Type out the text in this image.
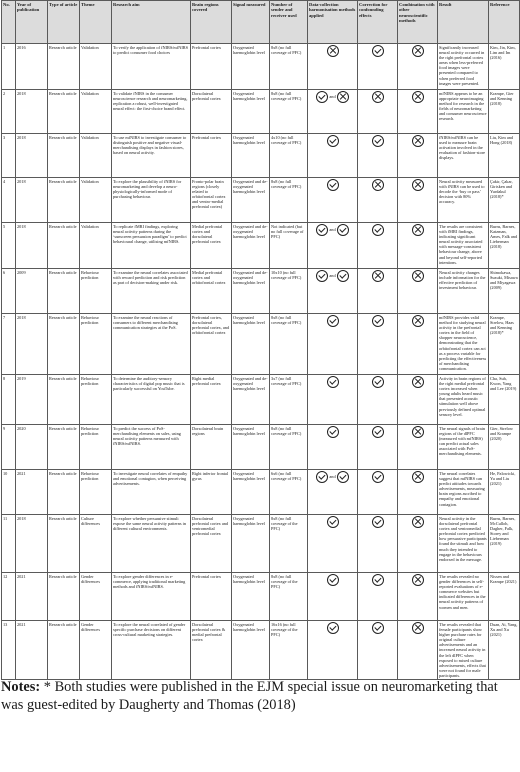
No.	Year of publication	Type of article	Theme	Research aim	Brain regions covered	Signal measured	Number of sender and receiver used	Data-collection harmonisation methods applied	Correction for confounding effects	Combination with other neuroscientific methods	Result	Reference
1	2016	Research article	Validation	To verify the application of fNIRS/mfNIRS to predict consumer food choices	Prefrontal cortex	Oxygenated haemoglobin level	8x8 (no full coverage of PFC)				Significantly increased neural activity occurred in the right prefrontal cortex areas when less-preferred food images were presented compared to when preferred food images were presented.	Kim, Jin, Kim, Lim and Im (2016)
2	2018	Research article	Validation	To validate fNIRS in the consumer neuroscience research and neuromarketing, replication a robust, well-investigated neural effect: the first-choice brand effect.	Dorsolateral prefrontal cortex	Oxygenated haemoglobin level	8x8 (no full coverage of PFC)	and			mfNIRS appears to be an appropriate neuroimaging method for research in the fields of neuromarketing and consumer neuroscience research.	Krampe, Gier and Kenning (2018)
3	2018	Research article	Validation	To use mfNIRS to investigate consumer to distinguish positive and negative visual-merchandising displays in fashion stores, based on neural activity.	Prefrontal cortex	Oxygenated haemoglobin level	4x10 (no full coverage of PFC)				fNIRS/mfNIRS can be used to measure brain activation involved in the evaluation of fashion-store displays.	Liu, Kim and Hong (2018)
4	2018	Research article	Validation	To explore the plausibility of fNIRS for neuromarketing and develop a neuro-physiologically-informed mode of purchasing behaviour.	Fronto-polar brain regions (closely related to orbitofrontal cortex and ventro-medial prefrontal cortex)	Oxygenated and de-oxygenated haemoglobin level	8x8 (no full coverage of PFC)				Neural activity measured with fNIRS can be used to decode the ‘buy or pass’ decision with 80% accuracy.	Çakir, Çakar, Girisken and Yurdakul (2018)*
5	2018	Research article	Validation	To replicate fMRI findings, exploring neural activity patterns during the ‘sunscreen persuasion paradigm’ to predict behavioural change, utilising mfNIRS.	Medial prefrontal cortex and dorsolateral prefrontal cortex	Oxygenated and de-oxygenated haemoglobin level	Not indicated (but no full coverage of PFC)	and			The results are consistent with fMRI findings, indicating significant neural activity associated with message-consistent behaviour change, above and beyond self-reported intentions.	Burns, Barnes, Katzman, Ames, Falk and Lieberman (2018)
6	2009	Research article	Behaviour prediction	To examine the neural correlates associated with reward prediction and risk prediction as part of decision-making under risk.	Medial prefrontal cortex and orbitofrontal cortex	Oxygenated and de-oxygenated haemoglobin level	10x10 (no full coverage of PFC)	and			Neural activity changes include information for the effective prediction of investment behaviour.	Shimokawa, Suzuki, Misawa and Miyagawa (2009)
7	2018	Research article	Behaviour prediction	To examine the neural reactions of consumers to different merchandising communication strategies at the PoS.	Prefrontal cortex, dorsolateral prefrontal cortex, and orbitofrontal cortex	Oxygenated haemoglobin level	8x8 (no full coverage of PFC)				mfNIRS provides valid method for studying neural activity in the prefrontal cortex in the field of shopper neuroscience, demonstrating that the orbitofrontal cortex can act as a process variable for predicting the effectiveness of merchandising communication.	Krampe, Strelow, Haas and Kenning (2018)*
8	2019	Research article	Behaviour prediction	To determine the auditory-sensory characteristics of digital pop music that is particularly successful on YouTube.	Right medial prefrontal cortex	Oxygenated and de-oxygenated haemoglobin level	3x7 (no full coverage of PFC)				Activity in brain regions of the right medial prefrontal cortex increased when young adults heard music that presented acoustic stimulation well above previously defined optimal sensory level.	Cha, Suh, Kwon, Yang and Lee (2019)
9	2020	Research article	Behaviour prediction	To predict the success of PoS-merchandising elements on sales, using neural activity patterns measured with fNIRS/mfNIRS.	Dorsolateral brain regions	Oxygenated haemoglobin level	8x8 (no full coverage of PFC)				The neural signals of brain regions of the dlPFC (measured with mfNIRS) can predict actual sales associated with PoS-merchandising elements.	Gier, Strelow and Krampe (2020)
10	2021	Research article	Behaviour prediction	To investigate neural correlates of empathy and emotional contagion, when perceiving advertisements.	Right inferior frontal gyrus	Oxygenated haemoglobin level	6x6 (no full coverage of PFC)	and			The neural correlates suggest that mfNIRS can predict attitudes towards advertisements, measuring brain regions ascribed to empathy and emotional contagion.	He, Palowicki, Yu and Liu (2021)
11	2018	Research article	Culture differences	To explore whether persuasive stimuli expose the same neural activity patterns in different cultural environments.	Dorsolateral prefrontal cortex and ventromedial prefrontal cortex	Oxygenated haemoglobin level	8x8 (no full coverage of the PFC)				Neural activity in the dorsolateral prefrontal cortex and ventromedial prefrontal cortex predicted how persuasive participants found the stimuli and how much they intended to engage in the behaviours endorsed in the message.	Burns, Barnes, McCulloh, Dagher, Falk, Storey and Lieberman (2019)
12	2021	Research article	Gender differences	To explore gender differences in e-commerce, applying traditional marketing methods and fNIRS/mfNIRS.	Prefrontal cortex	Oxygenated haemoglobin level	8x8 (no full coverage of the PFC)				The results revealed no gender differences in self-reported evaluations of e-commerce websites but indicated differences in the neural activity patterns of women and men.	Nissen and Krampe (2021)
13	2021	Research article	Gender differences	To explore the neural correlated of gender specific purchase decisions on different cross-cultural marketing strategies.	Dorsolateral prefrontal cortex & medial prefrontal cortex	Oxygenated haemoglobin level	16x16 (no full coverage of the PFC)				The results revealed that female participants show higher purchase rates for original culture advertisements and an increased neural activity in the left dlPFC when exposed to mixed culture advertisements, effects that were not found for male participants.	Duan, Ai, Yang, Xu and Xu (2021)
Notes: * Both studies were published in the EJM special issue on neuromarketing that was guest-edited by Daugherty and Thomas (2018)
